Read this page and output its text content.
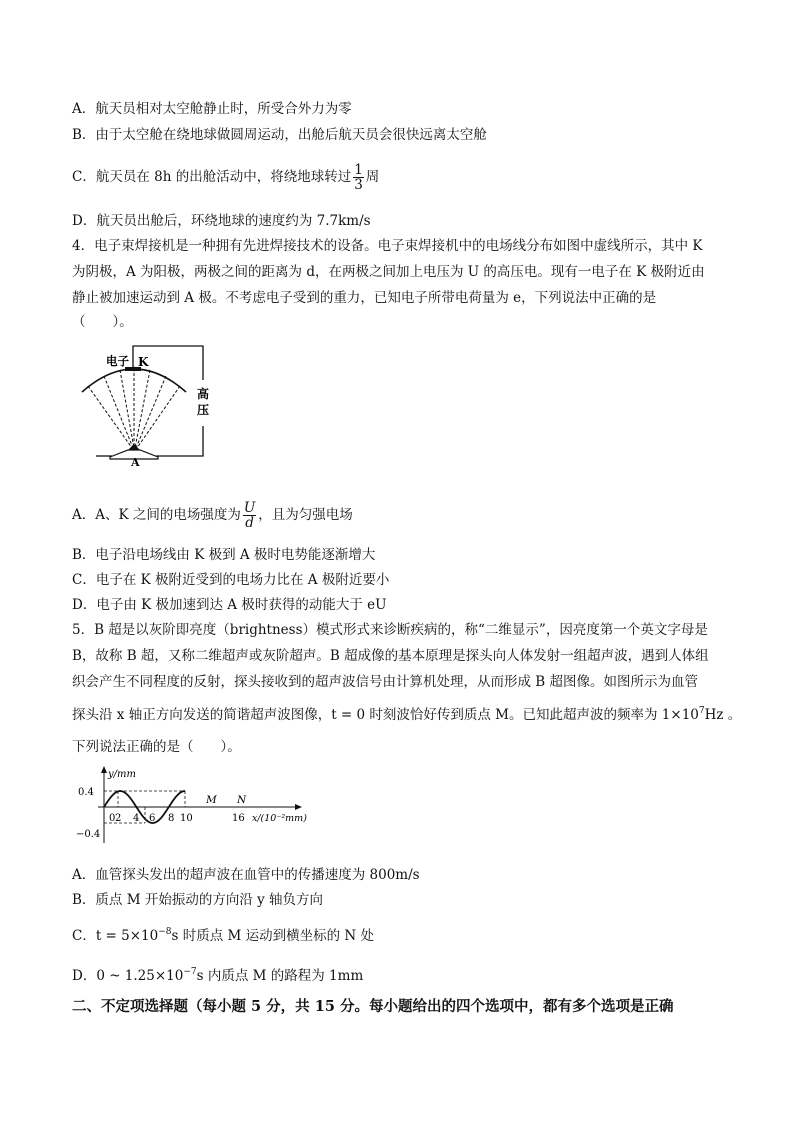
A．航天员相对太空舱静止时，所受合外力为零
B．由于太空舱在绕地球做圆周运动，出舱后航天员会很快远离太空舱
C．航天员在 8h 的出舱活动中，将绕地球转过 $\frac{1}{3}$ 周
D．航天员出舱后，环绕地球的速度约为 7.7km/s
4．电子束焊接机是一种拥有先进焊接技术的设备。电子束焊接机中的电场线分布如图中虚线所示，其中 K
为阴极，A 为阳极，两极之间的距离为 d，在两极之间加上电压为 U 的高压电。现有一电子在 K 极附近由
静止被加速运动到 A 极。不考虑电子受到的重力，已知电子所带电荷量为 e，下列说法中正确的是
（　　）。
K
电子
高
压
A
A．A、K 之间的电场强度为 $\frac{U}{d}$ ，且为匀强电场
B．电子沿电场线由 K 极到 A 极时电势能逐渐增大
C．电子在 K 极附近受到的电场力比在 A 极附近要小
D．电子由 K 极加速到达 A 极时获得的动能大于 eU
5．B 超是以灰阶即亮度（brightness）模式形式来诊断疾病的，称“二维显示”，因亮度第一个英文字母是
B，故称 B 超，又称二维超声或灰阶超声。B 超成像的基本原理是探头向人体发射一组超声波，遇到人体组
织会产生不同程度的反射，探头接收到的超声波信号由计算机处理，从而形成 B 超图像。如图所示为血管
探头沿 x 轴正方向发送的简谐超声波图像，t = 0 时刻波恰好传到质点 M。已知此超声波的频率为 $1\times 10^7Hz$ 。
下列说法正确的是（　　）。
y/mm
0.4
−0.4
0 2 4 6 8 10	16
M N
x/(10⁻²mm)
A．血管探头发出的超声波在血管中的传播速度为 800m/s
B．质点 M 开始振动的方向沿 y 轴负方向
C．$t = 5\times 10^{-8}s$ 时质点 M 运动到横坐标的 N 处
D．0 ~ $1.25\times 10^{-7}s$ 内质点 M 的路程为 1mm
二、不定项选择题（每小题 5 分，共 15 分。每小题给出的四个选项中，都有多个选项是正确
